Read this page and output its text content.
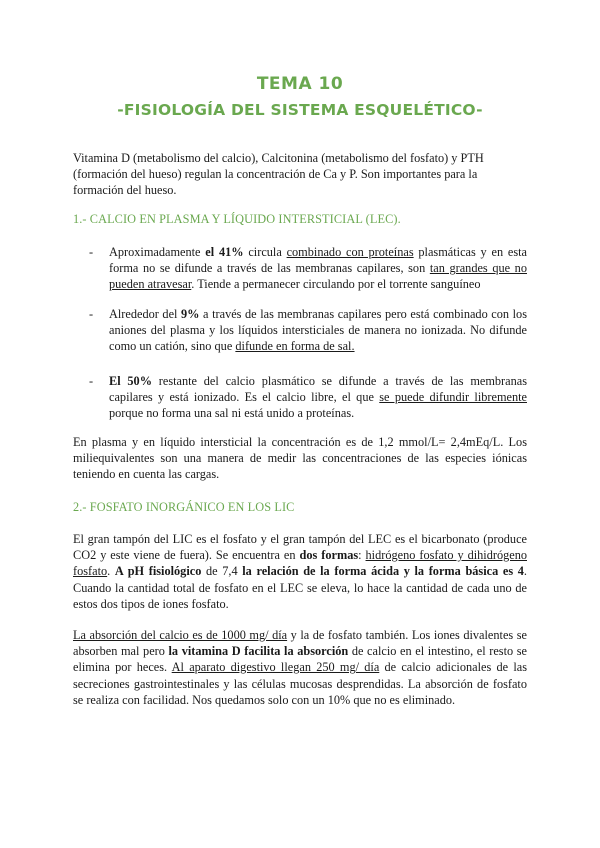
TEMA 10
-FISIOLOGÍA DEL SISTEMA ESQUELÉTICO-

Vitamina D (metabolismo del calcio), Calcitonina (metabolismo del fosfato) y PTH (formación del hueso) regulan la concentración de Ca y P. Son importantes para la formación del hueso.

1.- CALCIO EN PLASMA Y LÍQUIDO INTERSTICIAL (LEC).

- Aproximadamente el 41% circula combinado con proteínas plasmáticas y en esta forma no se difunde a través de las membranas capilares, son tan grandes que no pueden atravesar. Tiende a permanecer circulando por el torrente sanguíneo
- Alrededor del 9% a través de las membranas capilares pero está combinado con los aniones del plasma y los líquidos intersticiales de manera no ionizada. No difunde como un catión, sino que difunde en forma de sal.
- El 50% restante del calcio plasmático se difunde a través de las membranas capilares y está ionizado. Es el calcio libre, el que se puede difundir libremente porque no forma una sal ni está unido a proteínas.

En plasma y en líquido intersticial la concentración es de 1,2 mmol/L= 2,4mEq/L. Los miliequivalentes son una manera de medir las concentraciones de las especies iónicas teniendo en cuenta las cargas.

2.- FOSFATO INORGÁNICO EN LOS LIC

El gran tampón del LIC es el fosfato y el gran tampón del LEC es el bicarbonato (produce CO2 y este viene de fuera). Se encuentra en dos formas: hidrógeno fosfato y dihidrógeno fosfato. A pH fisiológico de 7,4 la relación de la forma ácida y la forma básica es 4. Cuando la cantidad total de fosfato en el LEC se eleva, lo hace la cantidad de cada uno de estos dos tipos de iones fosfato.

La absorción del calcio es de 1000 mg/ día y la de fosfato también. Los iones divalentes se absorben mal pero la vitamina D facilita la absorción de calcio en el intestino, el resto se elimina por heces. Al aparato digestivo llegan 250 mg/ día de calcio adicionales de las secreciones gastrointestinales y las células mucosas desprendidas. La absorción de fosfato se realiza con facilidad. Nos quedamos solo con un 10% que no es eliminado.
